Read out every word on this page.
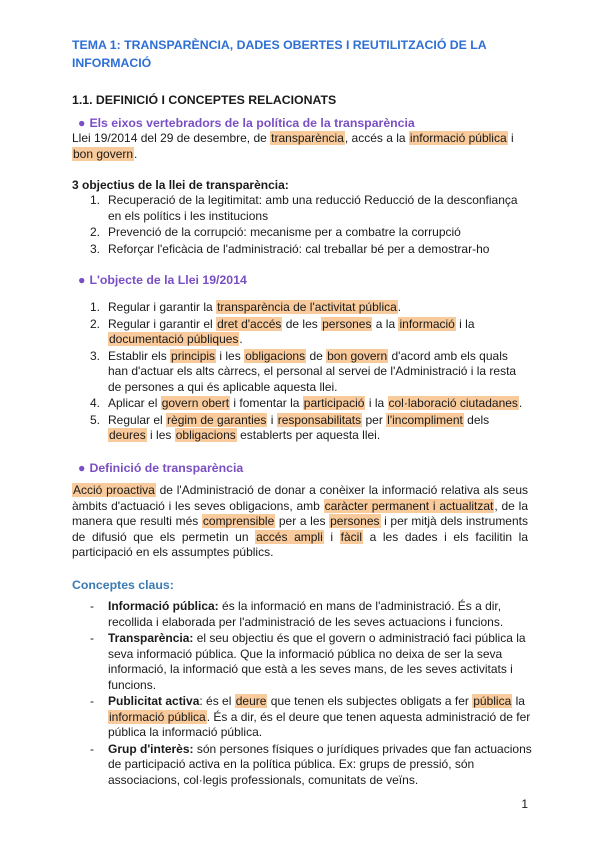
TEMA 1: TRANSPARÈNCIA, DADES OBERTES I REUTILITZACIÓ DE LA INFORMACIÓ
1.1. DEFINICIÓ I CONCEPTES RELACIONATS
● Els eixos vertebradors de la política de la transparència
Llei 19/2014 del 29 de desembre, de transparència, accés a la informació pública i
bon govern.
3 objectius de la llei de transparència:
1. Recuperació de la legitimitat: amb una reducció Reducció de la desconfiança en els polítics i les institucions
2. Prevenció de la corrupció: mecanisme per a combatre la corrupció
3. Reforçar l'eficàcia de l'administració: cal treballar bé per a demostrar-ho
● L'objecte de la Llei 19/2014
1. Regular i garantir la transparència de l'activitat pública.
2. Regular i garantir el dret d'accés de les persones a la informació i la documentació públiques.
3. Establir els principis i les obligacions de bon govern d'acord amb els quals han d'actuar els alts càrrecs, el personal al servei de l'Administració i la resta de persones a qui és aplicable aquesta llei.
4. Aplicar el govern obert i fomentar la participació i la col·laboració ciutadanes.
5. Regular el règim de garanties i responsabilitats per l'incompliment dels deures i les obligacions establerts per aquesta llei.
● Definició de transparència
Acció proactiva de l'Administració de donar a conèixer la informació relativa als seus àmbits d'actuació i les seves obligacions, amb caràcter permanent i actualitzat, de la manera que resulti més comprensible per a les persones i per mitjà dels instruments de difusió que els permetin un accés ampli i fàcil a les dades i els facilitin la participació en els assumptes públics.
Conceptes claus:
- Informació pública: és la informació en mans de l'administració. És a dir, recollida i elaborada per l'administració de les seves actuacions i funcions.
- Transparència: el seu objectiu és que el govern o administració faci pública la seva informació pública. Que la informació pública no deixa de ser la seva informació, la informació que està a les seves mans, de les seves activitats i funcions.
- Publicitat activa: és el deure que tenen els subjectes obligats a fer pública la informació pública. És a dir, és el deure que tenen aquesta administració de fer pública la informació pública.
- Grup d'interès: són persones físiques o jurídiques privades que fan actuacions de participació activa en la política pública. Ex: grups de pressió, són associacions, col·legis professionals, comunitats de veïns.
1
